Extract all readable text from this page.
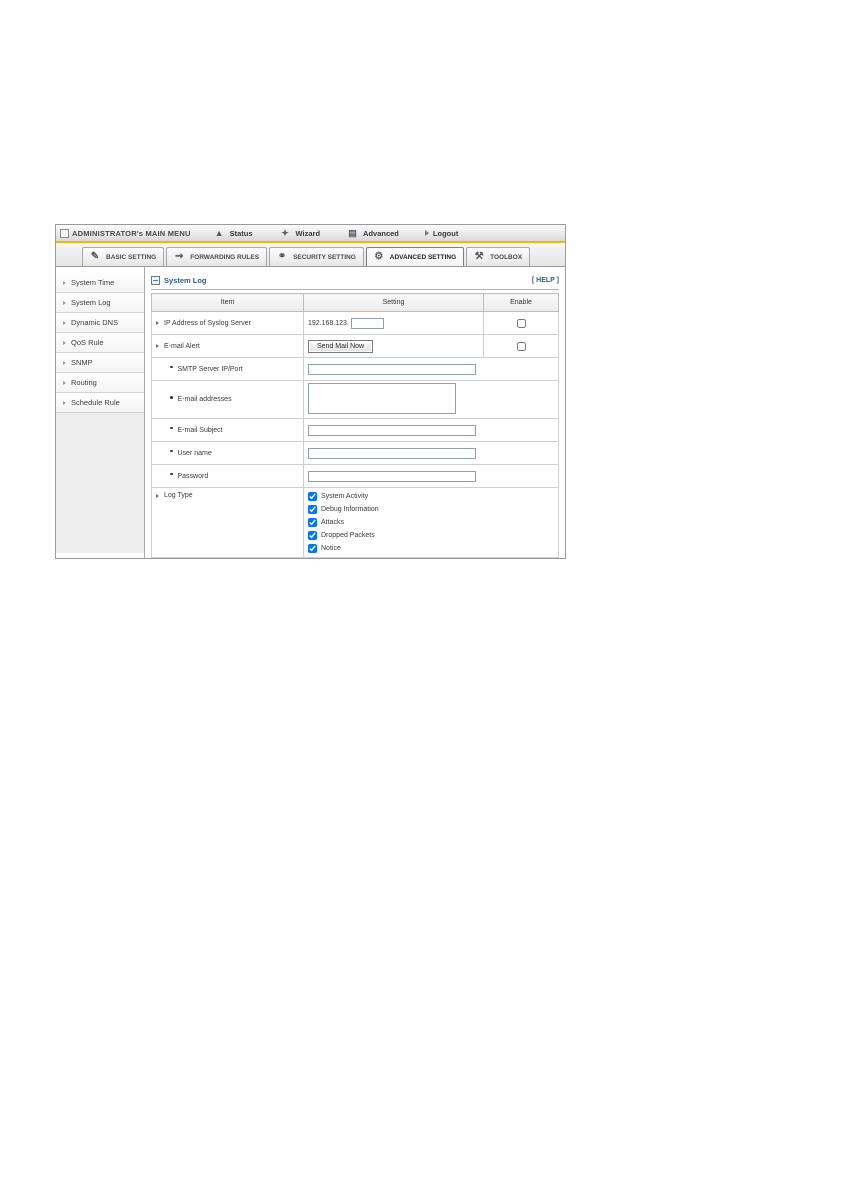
ADMINISTRATOR's MAIN MENU	▲ Status	✦ Wizard	▤ Advanced	Logout
✎	BASIC SETTING ⇝	FORWARDING RULES ⚭	SECURITY SETTING ⚙	ADVANCED SETTING ⚒	TOOLBOX
System Time
System Log
Dynamic DNS
QoS Rule
SNMP
Routing
Schedule Rule
System Log	[ HELP ]
Item	Setting	Enable

IP Address of Syslog Server	192.168.123.

E-mail Alert	Send Mail Now	

SMTP Server IP/Port

E-mail addresses

E-mail Subject

User name

Password

Log Type	System Activity
Debug Information
Attacks
Dropped Packets
Notice	
